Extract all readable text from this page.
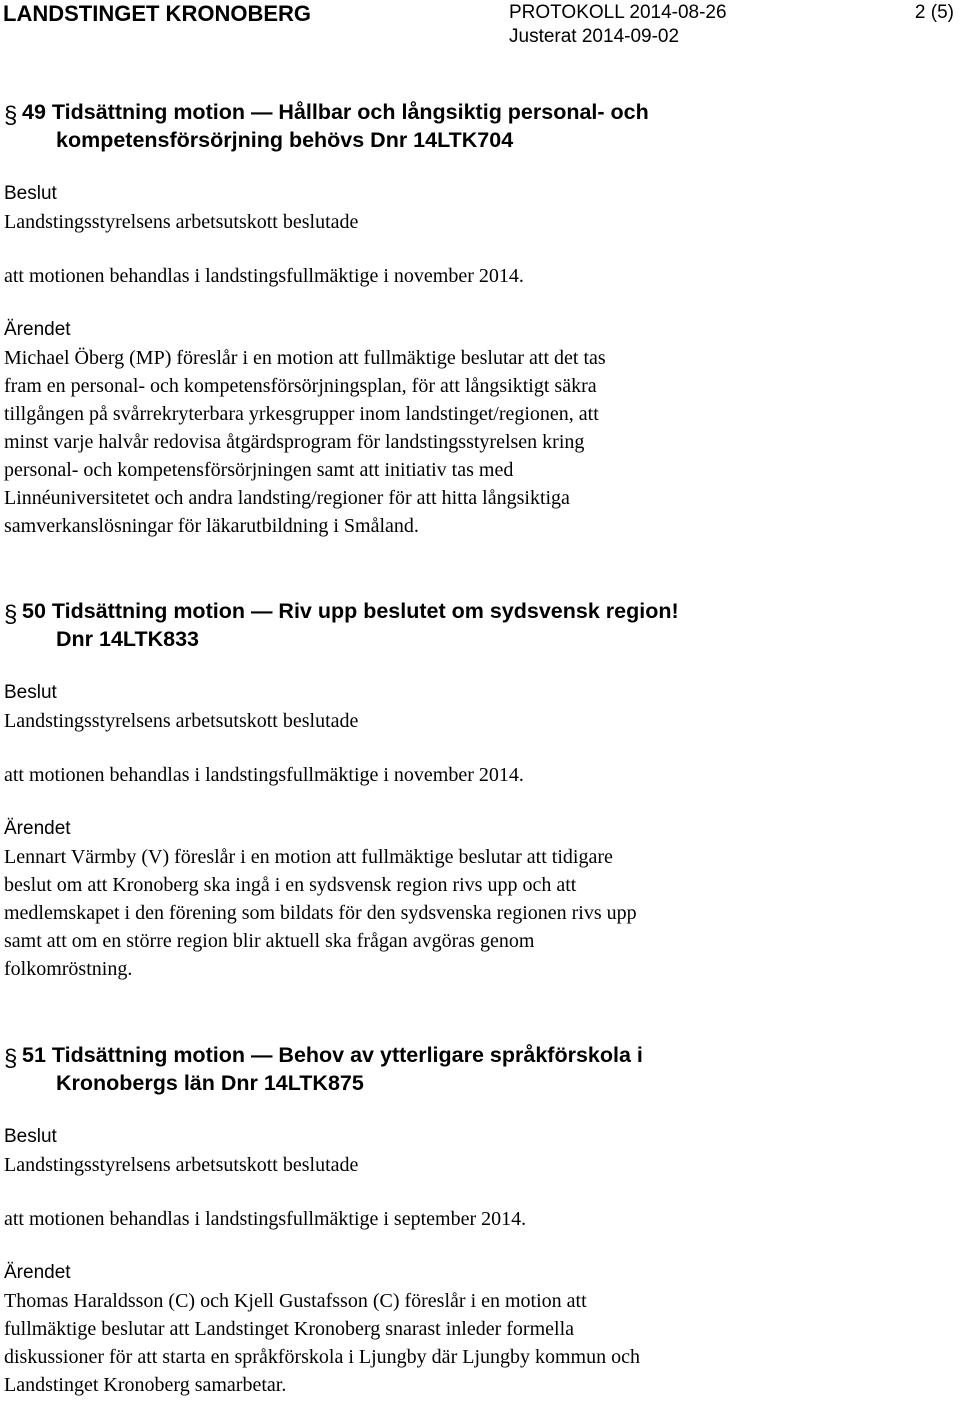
LANDSTINGET KRONOBERG	PROTOKOLL 2014-08-26
Justerat 2014-09-02
2 (5)
§ 49 Tidsättning motion — Hållbar och långsiktig personal- och
kompetensförsörjning behövs Dnr 14LTK704
Beslut
Landstingsstyrelsens arbetsutskott beslutade
att motionen behandlas i landstingsfullmäktige i november 2014.
Ärendet
Michael Öberg (MP) föreslår i en motion att fullmäktige beslutar att det tas
fram en personal- och kompetensförsörjningsplan, för att långsiktigt säkra
tillgången på svårrekryterbara yrkesgrupper inom landstinget/regionen, att
minst varje halvår redovisa åtgärdsprogram för landstingsstyrelsen kring
personal- och kompetensförsörjningen samt att initiativ tas med
Linnéuniversitetet och andra landsting/regioner för att hitta långsiktiga
samverkanslösningar för läkarutbildning i Småland.
§ 50 Tidsättning motion — Riv upp beslutet om sydsvensk region!
Dnr 14LTK833
Beslut
Landstingsstyrelsens arbetsutskott beslutade
att motionen behandlas i landstingsfullmäktige i november 2014.
Ärendet
Lennart Värmby (V) föreslår i en motion att fullmäktige beslutar att tidigare
beslut om att Kronoberg ska ingå i en sydsvensk region rivs upp och att
medlemskapet i den förening som bildats för den sydsvenska regionen rivs upp
samt att om en större region blir aktuell ska frågan avgöras genom
folkomröstning.
§ 51 Tidsättning motion — Behov av ytterligare språkförskola i
Kronobergs län Dnr 14LTK875
Beslut
Landstingsstyrelsens arbetsutskott beslutade
att motionen behandlas i landstingsfullmäktige i september 2014.
Ärendet
Thomas Haraldsson (C) och Kjell Gustafsson (C) föreslår i en motion att
fullmäktige beslutar att Landstinget Kronoberg snarast inleder formella
diskussioner för att starta en språkförskola i Ljungby där Ljungby kommun och
Landstinget Kronoberg samarbetar.
